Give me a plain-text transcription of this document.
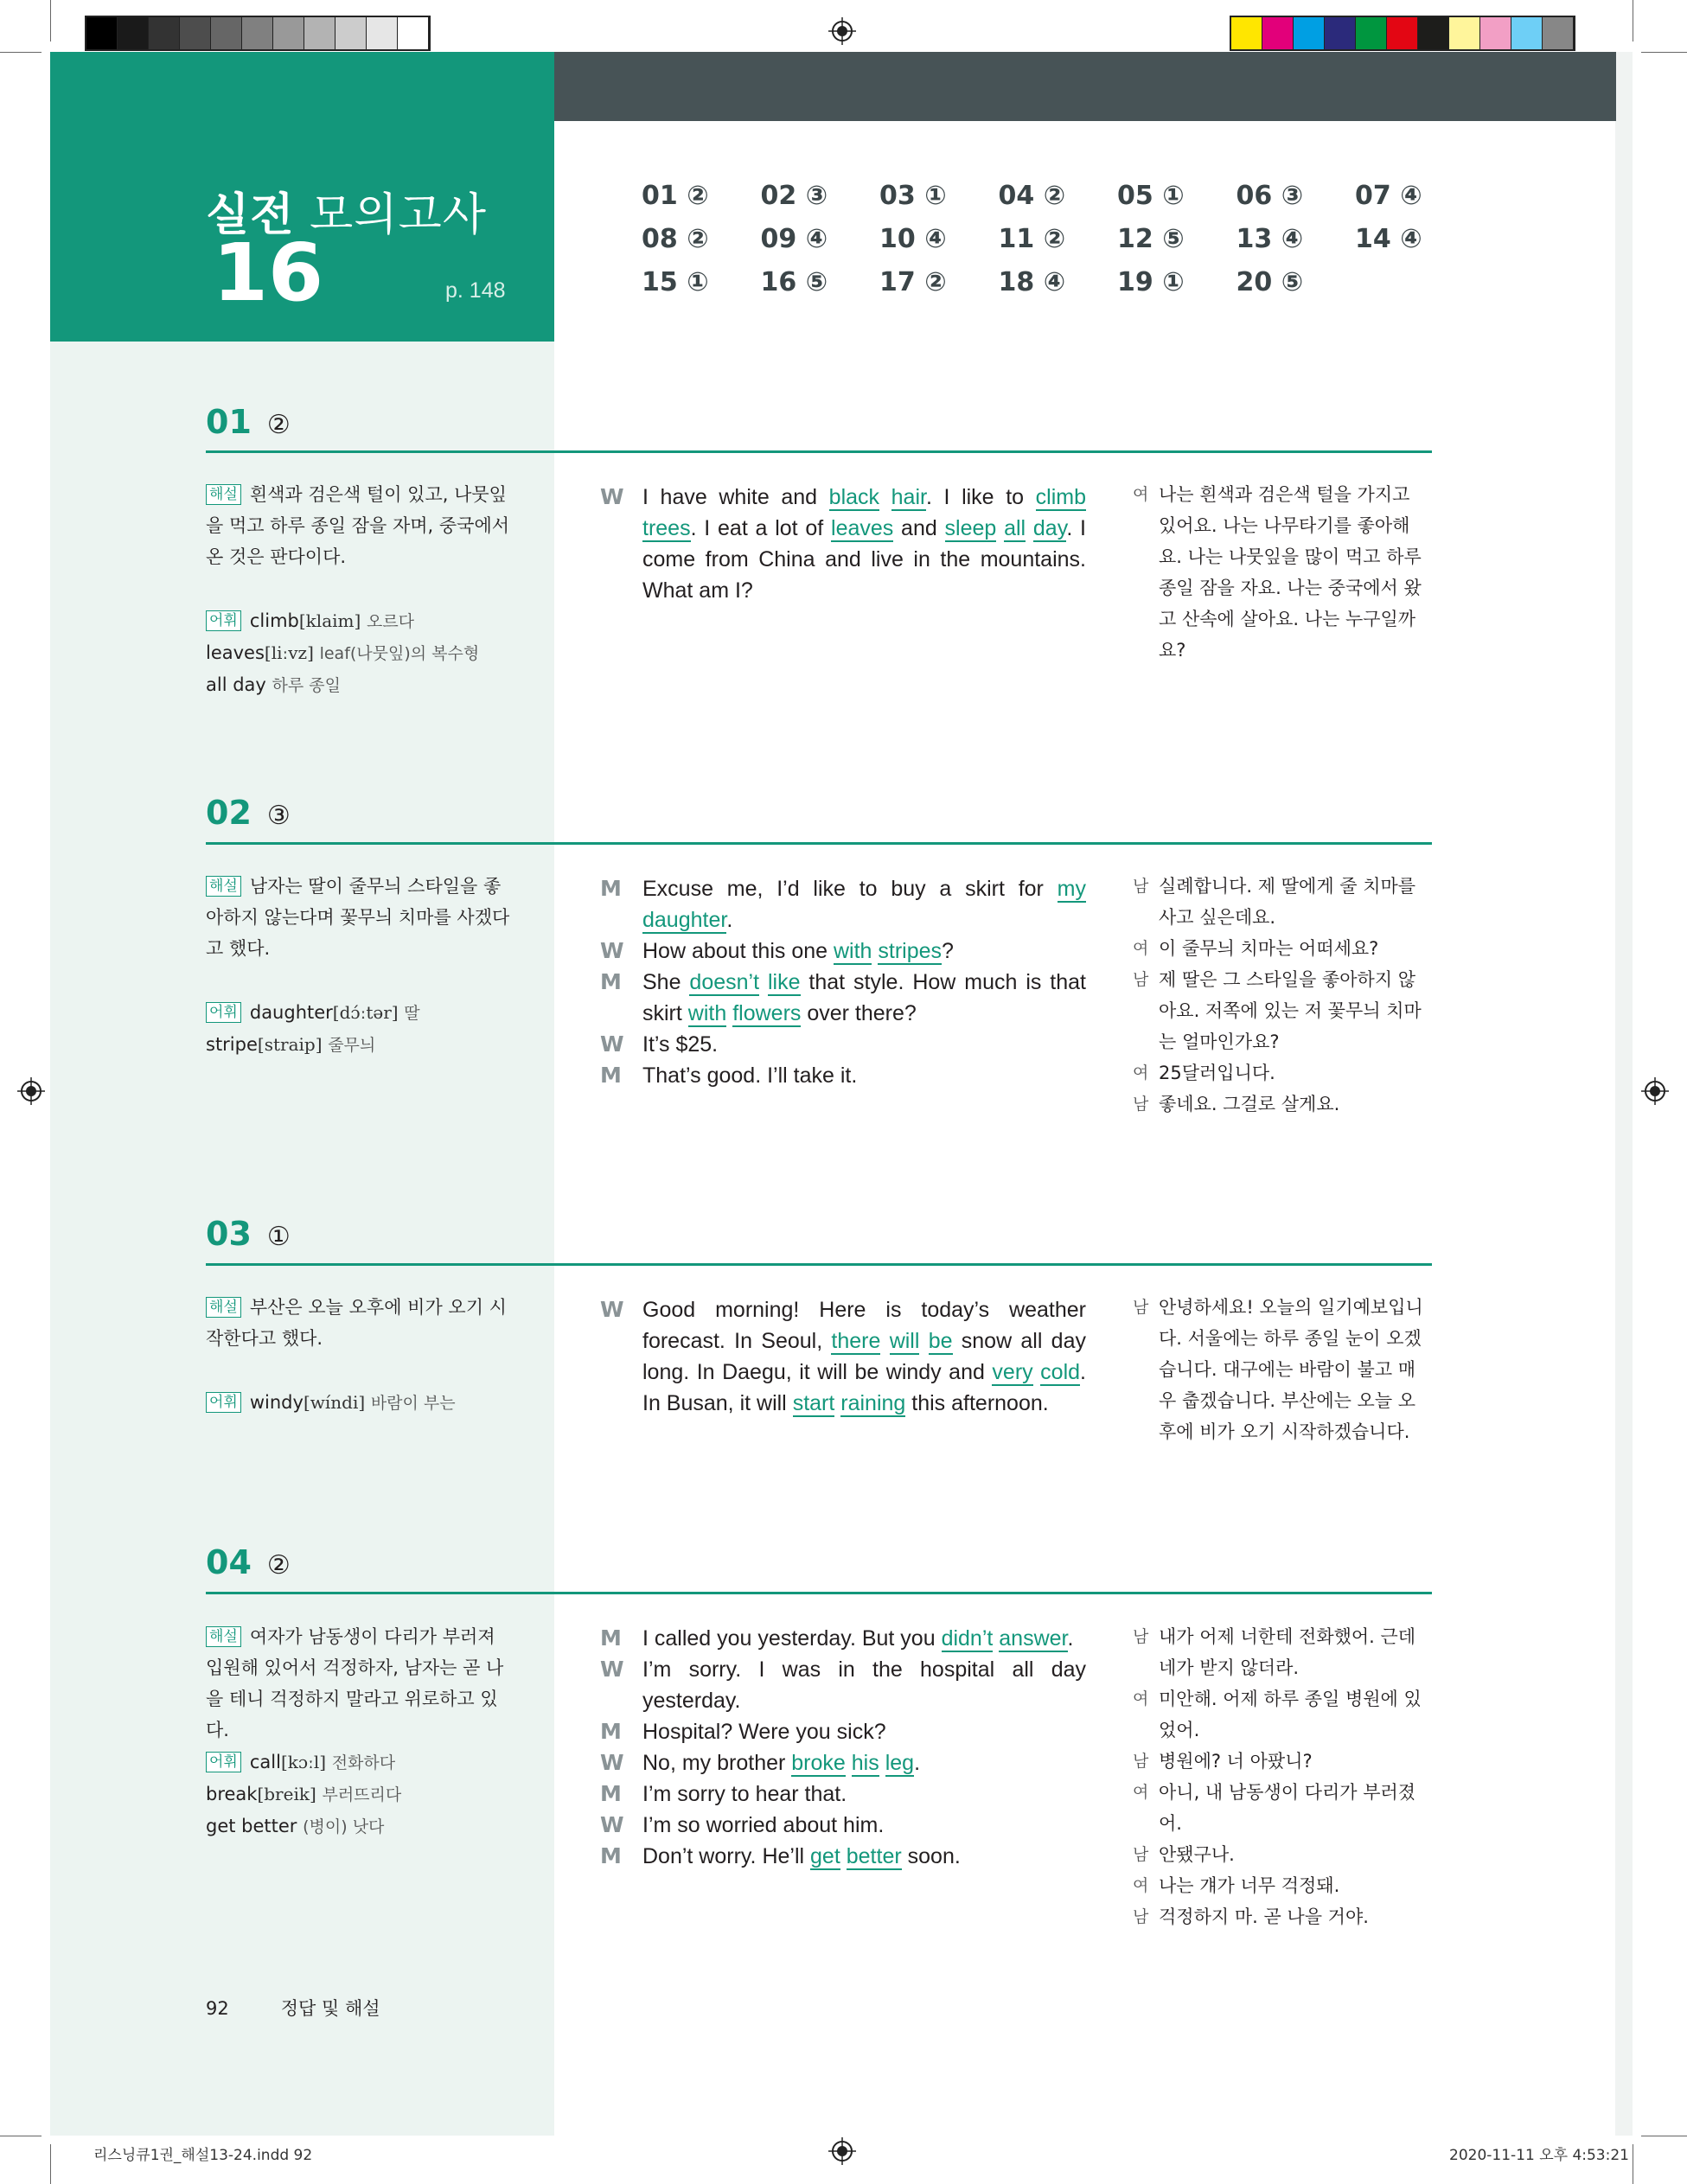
실전 모의고사
16	p. 148
01 ②	02 ③	03 ①	04 ②	05 ①	06 ③	07 ④
08 ②	09 ④	10 ④	11 ②	12 ⑤	13 ④	14 ④
15 ①	16 ⑤	17 ②	18 ④	19 ①	20 ⑤
01 ②
해설 흰색과 검은색 털이 있고, 나뭇잎을 먹고 하루 종일 잠을 자며, 중국에서 온 것은 판다이다.
어휘 climb[klaim] 오르다
leaves[liːvz] leaf(나뭇잎)의 복수형
all day 하루 종일
W I have white and black hair. I like to climb trees. I eat a lot of leaves and sleep all day. I come from China and live in the mountains. What am I?
여 나는 흰색과 검은색 털을 가지고 있어요. 나는 나무타기를 좋아해요. 나는 나뭇잎을 많이 먹고 하루 종일 잠을 자요. 나는 중국에서 왔고 산속에 살아요. 나는 누구일까요?
02 ③
해설 남자는 딸이 줄무늬 스타일을 좋아하지 않는다며 꽃무늬 치마를 사겠다고 했다.
어휘 daughter[dɔ́ːtər] 딸
stripe[straip] 줄무늬
M Excuse me, I’d like to buy a skirt for my daughter.
W How about this one with stripes?
M She doesn’t like that style. How much is that skirt with flowers over there?
W It’s $25.
M That’s good. I’ll take it.
남 실례합니다. 제 딸에게 줄 치마를 사고 싶은데요.
여 이 줄무늬 치마는 어떠세요?
남 제 딸은 그 스타일을 좋아하지 않아요. 저쪽에 있는 저 꽃무늬 치마는 얼마인가요?
여 25달러입니다.
남 좋네요. 그걸로 살게요.
03 ①
해설 부산은 오늘 오후에 비가 오기 시작한다고 했다.
어휘 windy[wíndi] 바람이 부는
W Good morning! Here is today’s weather forecast. In Seoul, there will be snow all day long. In Daegu, it will be windy and very cold. In Busan, it will start raining this afternoon.
남 안녕하세요! 오늘의 일기예보입니다. 서울에는 하루 종일 눈이 오겠습니다. 대구에는 바람이 불고 매우 춥겠습니다. 부산에는 오늘 오후에 비가 오기 시작하겠습니다.
04 ②
해설 여자가 남동생이 다리가 부러져 입원해 있어서 걱정하자, 남자는 곧 나을 테니 걱정하지 말라고 위로하고 있다.
어휘 call[kɔːl] 전화하다
break[breik] 부러뜨리다
get better (병이) 낫다
M I called you yesterday. But you didn’t answer.
W I’m sorry. I was in the hospital all day yesterday.
M Hospital? Were you sick?
W No, my brother broke his leg.
M I’m sorry to hear that.
W I’m so worried about him.
M Don’t worry. He’ll get better soon.
남 내가 어제 너한테 전화했어. 근데 네가 받지 않더라.
여 미안해. 어제 하루 종일 병원에 있었어.
남 병원에? 너 아팠니?
여 아니, 내 남동생이 다리가 부러졌어.
남 안됐구나.
여 나는 걔가 너무 걱정돼.
남 걱정하지 마. 곧 나을 거야.
92	정답 및 해설
리스닝큐1권_해설13-24.indd 92	2020-11-11 오후 4:53:21
